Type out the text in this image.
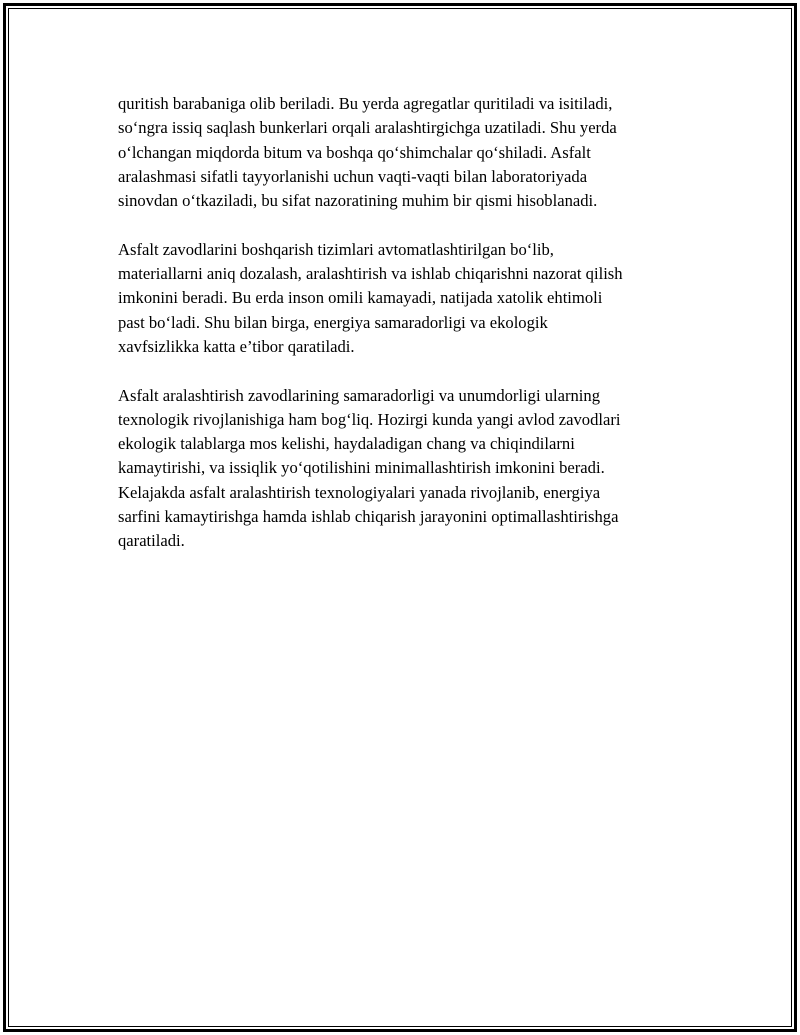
quritish barabaniga olib beriladi. Bu yerda agregatlar quritiladi va isitiladi,
so‘ngra issiq saqlash bunkerlari orqali aralashtirgichga uzatiladi. Shu yerda
o‘lchangan miqdorda bitum va boshqa qo‘shimchalar qo‘shiladi. Asfalt
aralashmasi sifatli tayyorlanishi uchun vaqti-vaqti bilan laboratoriyada
sinovdan o‘tkaziladi, bu sifat nazoratining muhim bir qismi hisoblanadi.

Asfalt zavodlarini boshqarish tizimlari avtomatlashtirilgan bo‘lib,
materiallarni aniq dozalash, aralashtirish va ishlab chiqarishni nazorat qilish
imkonini beradi. Bu erda inson omili kamayadi, natijada xatolik ehtimoli
past bo‘ladi. Shu bilan birga, energiya samaradorligi va ekologik
xavfsizlikka katta e’tibor qaratiladi.

Asfalt aralashtirish zavodlarining samaradorligi va unumdorligi ularning
texnologik rivojlanishiga ham bog‘liq. Hozirgi kunda yangi avlod zavodlari
ekologik talablarga mos kelishi, haydaladigan chang va chiqindilarni
kamaytirishi, va issiqlik yo‘qotilishini minimallashtirish imkonini beradi.
Kelajakda asfalt aralashtirish texnologiyalari yanada rivojlanib, energiya
sarfini kamaytirishga hamda ishlab chiqarish jarayonini optimallashtirishga
qaratiladi.
